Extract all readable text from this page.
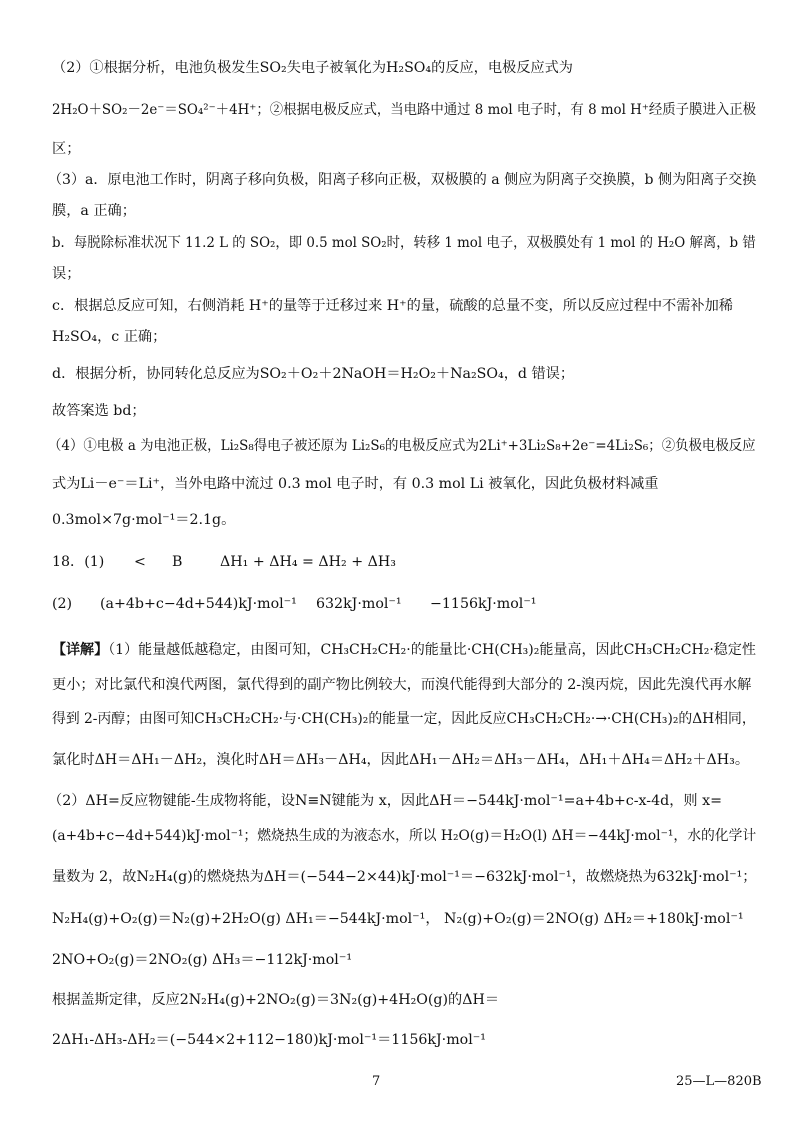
（2）①根据分析，电池负极发生SO₂失电子被氧化为H₂SO₄的反应，电极反应式为
2H₂O＋SO₂－2e⁻＝SO₄²⁻＋4H⁺；②根据电极反应式，当电路中通过 8 mol 电子时，有 8 mol H⁺经质子膜进入正极
区；
（3）a．原电池工作时，阴离子移向负极，阳离子移向正极，双极膜的 a 侧应为阴离子交换膜，b 侧为阳离子交换
膜，a 正确；
b．每脱除标准状况下 11.2 L 的 SO₂，即 0.5 mol SO₂时，转移 1 mol 电子，双极膜处有 1 mol 的 H₂O 解离，b 错
误；
c．根据总反应可知，右侧消耗 H⁺的量等于迁移过来 H⁺的量，硫酸的总量不变，所以反应过程中不需补加稀
H₂SO₄，c 正确；
d．根据分析，协同转化总反应为SO₂＋O₂＋2NaOH＝H₂O₂＋Na₂SO₄，d 错误；
故答案选 bd；
（4）①电极 a 为电池正极，Li₂S₈得电子被还原为 Li₂S₆的电极反应式为2Li⁺+3Li₂S₈+2e⁻=4Li₂S₆；②负极电极反应
式为Li－e⁻＝Li⁺，当外电路中流过 0.3 mol 电子时，有 0.3 mol Li 被氧化，因此负极材料减重
0.3mol×7g·mol⁻¹＝2.1g。
18．(1) < B	ΔH₁ + ΔH₄ = ΔH₂ + ΔH₃
(2) (a+4b+c−4d+544)kJ·mol⁻¹ 632kJ·mol⁻¹ −1156kJ·mol⁻¹
【详解】（1）能量越低越稳定，由图可知，CH₃CH₂CH₂·的能量比·CH(CH₃)₂能量高，因此CH₃CH₂CH₂·稳定性
更小；对比氯代和溴代两图，氯代得到的副产物比例较大，而溴代能得到大部分的 2-溴丙烷，因此先溴代再水解
得到 2-丙醇；由图可知CH₃CH₂CH₂·与·CH(CH₃)₂的能量一定，因此反应CH₃CH₂CH₂·→·CH(CH₃)₂的ΔH相同，
氯化时ΔH＝ΔH₁－ΔH₂，溴化时ΔH＝ΔH₃－ΔH₄，因此ΔH₁－ΔH₂＝ΔH₃－ΔH₄，ΔH₁＋ΔH₄＝ΔH₂＋ΔH₃。
（2）ΔH=反应物键能-生成物将能，设N≡N键能为 x，因此ΔH＝−544kJ·mol⁻¹=a+4b+c-x-4d，则 x=
(a+4b+c−4d+544)kJ·mol⁻¹；燃烧热生成的为液态水，所以 H₂O(g)＝H₂O(l) ΔH＝−44kJ·mol⁻¹，水的化学计
量数为 2，故N₂H₄(g)的燃烧热为ΔH＝(−544−2×44)kJ·mol⁻¹＝−632kJ·mol⁻¹，故燃烧热为632kJ·mol⁻¹；
N₂H₄(g)+O₂(g)＝N₂(g)+2H₂O(g) ΔH₁＝−544kJ·mol⁻¹， N₂(g)+O₂(g)＝2NO(g) ΔH₂＝+180kJ·mol⁻¹
2NO+O₂(g)＝2NO₂(g) ΔH₃＝−112kJ·mol⁻¹
根据盖斯定律，反应2N₂H₄(g)+2NO₂(g)＝3N₂(g)+4H₂O(g)的ΔH＝
2ΔH₁-ΔH₃-ΔH₂＝(−544×2+112−180)kJ·mol⁻¹＝1156kJ·mol⁻¹
7	25—L—820B
